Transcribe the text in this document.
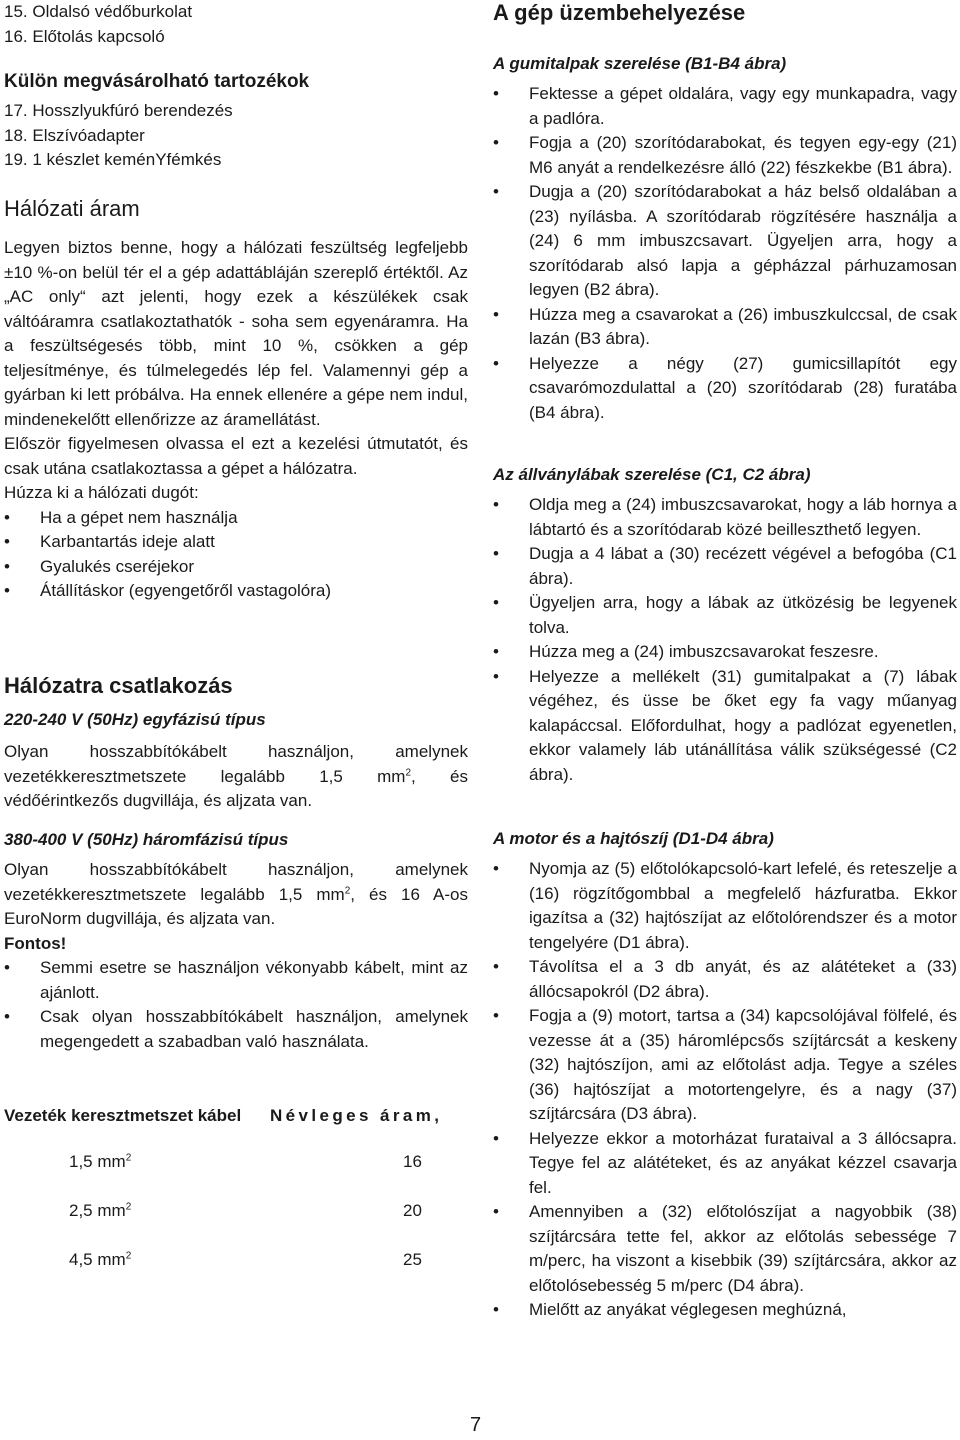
15. Oldalsó védőburkolat
16. Előtolás kapcsoló
Külön megvásárolható tartozékok
17. Hosszlyukfúró berendezés
18. Elszívóadapter
19. 1 készlet keménYfémkés
Hálózati áram

Legyen biztos benne, hogy a hálózati feszültség legfeljebb ±10 %-on belül tér el a gép adattábláján szereplő értéktől. Az „AC only“ azt jelenti, hogy ezek a készülékek csak váltóáramra csatlakoztathatók - soha sem egyenáramra. Ha a feszültségesés több, mint 10 %, csökken a gép teljesítménye, és túlmelegedés lép fel. Valamennyi gép a gyárban ki lett próbálva. Ha ennek ellenére a gépe nem indul, mindenekelőtt ellenőrizze az áramellátást.

Először figyelmesen olvassa el ezt a kezelési útmutatót, és csak utána csatlakoztassa a gépet a hálózatra.

Húzza ki a hálózati dugót:

• Ha a gépet nem használja
• Karbantartás ideje alatt
• Gyalukés cseréjekor
• Átállításkor (egyengetőről vastagolóra)
Hálózatra csatlakozás
220-240 V (50Hz) egyfázisú típus

Olyan hosszabbítókábelt használjon, amelynek vezetékkeresztmetszete legalább 1,5 $mm^2$, és védőérintkezős dugvillája, és aljzata van.

380-400 V (50Hz) háromfázisú típus

Olyan hosszabbítókábelt használjon, amelynek vezetékkeresztmetszete legalább 1,5 $mm^2$, és 16 A-os EuroNorm dugvillája, és aljzata van.

Fontos!

• Semmi esetre se használjon vékonyabb kábelt, mint az ajánlott.
• Csak olyan hosszabbítókábelt használjon, amelynek megengedett a szabadban való használata.
Vezeték keresztmetszet kábel Névleges áram,
1,5 $mm^2$	16
2,5 $mm^2$	20
4,5 $mm^2$	25
A gép üzembehelyezése
A gumitalpak szerelése (B1-B4 ábra)
• Fektesse a gépet oldalára, vagy egy munkapadra, vagy a padlóra.
• Fogja a (20) szorítódarabokat, és tegyen egy-egy (21) M6 anyát a rendelkezésre álló (22) fészkekbe (B1 ábra).
• Dugja a (20) szorítódarabokat a ház belső oldalában a (23) nyílásba. A szorítódarab rögzítésére használja a (24) 6 mm imbuszcsavart. Ügyeljen arra, hogy a szorítódarab alsó lapja a gépházzal párhuzamosan legyen (B2 ábra).
• Húzza meg a csavarokat a (26) imbuszkulccsal, de csak lazán (B3 ábra).
• Helyezze a négy (27) gumicsillapítót egy csavarómozdulattal a (20) szorítódarab (28) furatába (B4 ábra).
Az állványlábak szerelése (C1, C2 ábra)
• Oldja meg a (24) imbuszcsavarokat, hogy a láb hornya a lábtartó és a szorítódarab közé beilleszthető legyen.
• Dugja a 4 lábat a (30) recézett végével a befogóba (C1 ábra).
• Ügyeljen arra, hogy a lábak az ütközésig be legyenek tolva.
• Húzza meg a (24) imbuszcsavarokat feszesre.
• Helyezze a mellékelt (31) gumitalpakat a (7) lábak végéhez, és üsse be őket egy fa vagy műanyag kalapáccsal. Előfordulhat, hogy a padlózat egyenetlen, ekkor valamely láb utánállítása válik szükségessé (C2 ábra).
A motor és a hajtószíj (D1-D4 ábra)
• Nyomja az (5) előtolókapcsoló-kart lefelé, és reteszelje a (16) rögzítőgombbal a megfelelő házfuratba. Ekkor igazítsa a (32) hajtószíjat az előtolórendszer és a motor tengelyére (D1 ábra).
• Távolítsa el a 3 db anyát, és az alátéteket a (33) állócsapokról (D2 ábra).
• Fogja a (9) motort, tartsa a (34) kapcsolójával fölfelé, és vezesse át a (35) háromlépcsős szíjtárcsát a keskeny (32) hajtószíjon, ami az előtolást adja. Tegye a széles (36) hajtószíjat a motortengelyre, és a nagy (37) szíjtárcsára (D3 ábra).
• Helyezze ekkor a motorházat furataival a 3 állócsapra. Tegye fel az alátéteket, és az anyákat kézzel csavarja fel.
• Amennyiben a (32) előtolószíjat a nagyobbik (38) szíjtárcsára tette fel, akkor az előtolás sebessége 7 m/perc, ha viszont a kisebbik (39) szíjtárcsára, akkor az előtolósebesség 5 m/perc (D4 ábra).
• Mielőtt az anyákat véglegesen meghúzná,
7
